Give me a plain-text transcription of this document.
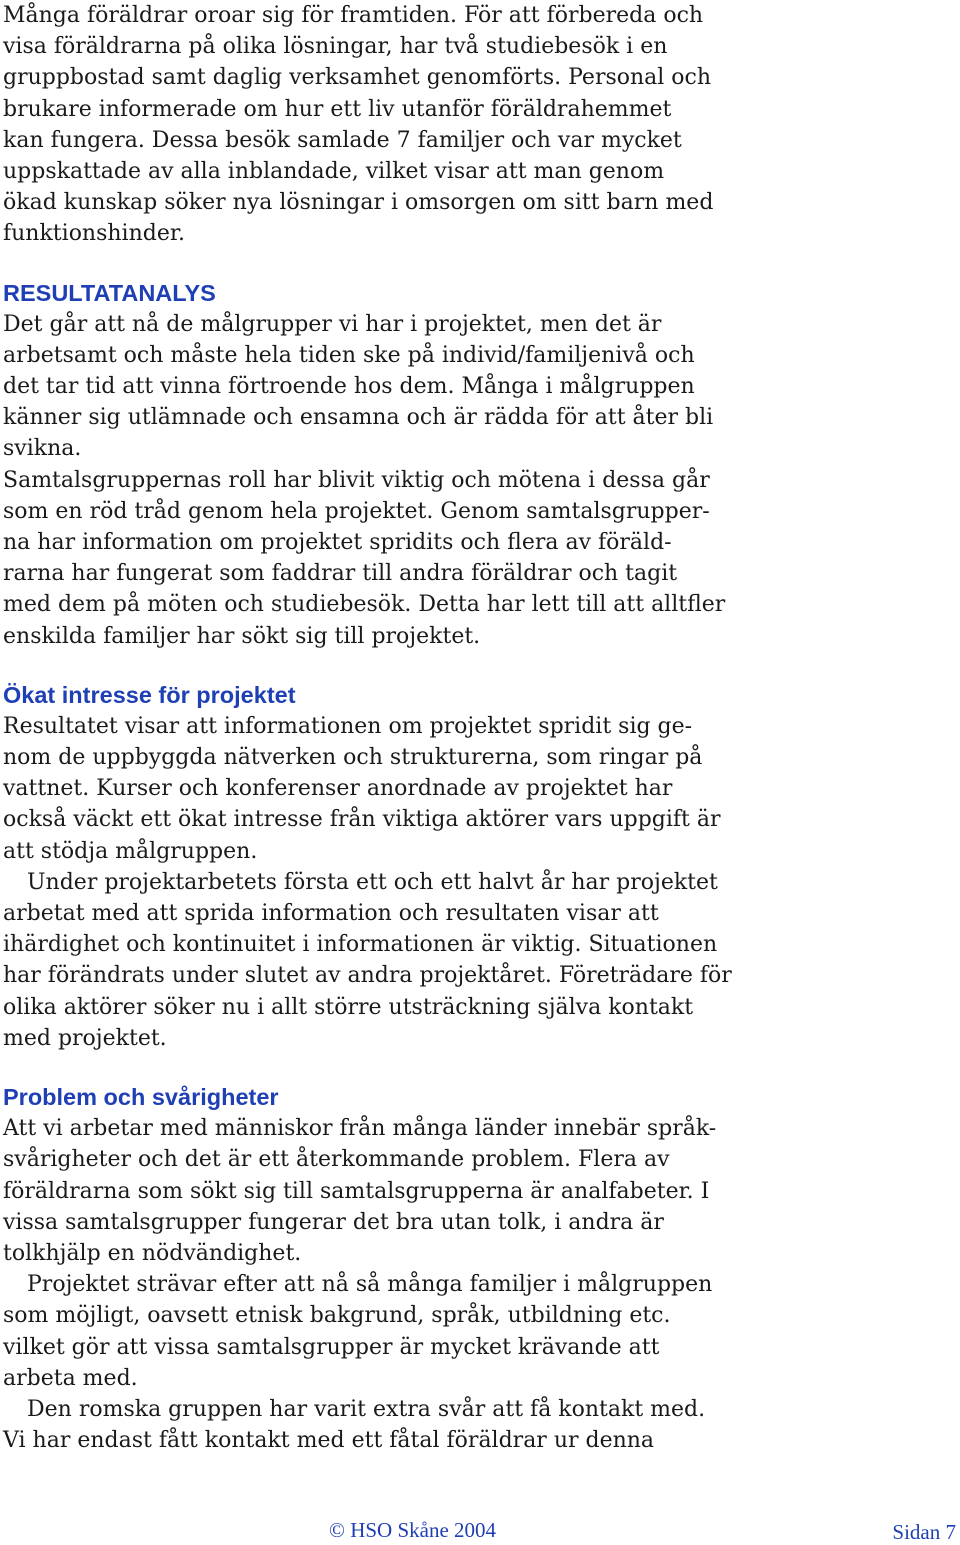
Många föräldrar oroar sig för framtiden. För att förbereda och
visa föräldrarna på olika lösningar, har två studiebesök i en
gruppbostad samt daglig verksamhet genomförts. Personal och
brukare informerade om hur ett liv utanför föräldrahemmet
kan fungera. Dessa besök samlade 7 familjer och var mycket
uppskattade av alla inblandade, vilket visar att man genom
ökad kunskap söker nya lösningar i omsorgen om sitt barn med
funktionshinder.

RESULTATANALYS

Det går att nå de målgrupper vi har i projektet, men det är
arbetsamt och måste hela tiden ske på individ/familjenivå och
det tar tid att vinna förtroende hos dem. Många i målgruppen
känner sig utlämnade och ensamna och är rädda för att åter bli
svikna.

Samtalsgruppernas roll har blivit viktig och mötena i dessa går
som en röd tråd genom hela projektet. Genom samtalsgrupper-
na har information om projektet spridits och flera av föräld-
rarna har fungerat som faddrar till andra föräldrar och tagit
med dem på möten och studiebesök. Detta har lett till att alltfler
enskilda familjer har sökt sig till projektet.

Ökat intresse för projektet

Resultatet visar att informationen om projektet spridit sig ge-
nom de uppbyggda nätverken och strukturerna, som ringar på
vattnet. Kurser och konferenser anordnade av projektet har
också väckt ett ökat intresse från viktiga aktörer vars uppgift är
att stödja målgruppen.

Under projektarbetets första ett och ett halvt år har projektet
arbetat med att sprida information och resultaten visar att
ihärdighet och kontinuitet i informationen är viktig. Situationen
har förändrats under slutet av andra projektåret. Företrädare för
olika aktörer söker nu i allt större utsträckning själva kontakt
med projektet.

Problem och svårigheter

Att vi arbetar med människor från många länder innebär språk-
svårigheter och det är ett återkommande problem. Flera av
föräldrarna som sökt sig till samtalsgrupperna är analfabeter. I
vissa samtalsgrupper fungerar det bra utan tolk, i andra är
tolkhjälp en nödvändighet.

Projektet strävar efter att nå så många familjer i målgruppen
som möjligt, oavsett etnisk bakgrund, språk, utbildning etc.
vilket gör att vissa samtalsgrupper är mycket krävande att
arbeta med.

Den romska gruppen har varit extra svår att få kontakt med.
Vi har endast fått kontakt med ett fåtal föräldrar ur denna

© HSO Skåne 2004	Sidan 7
